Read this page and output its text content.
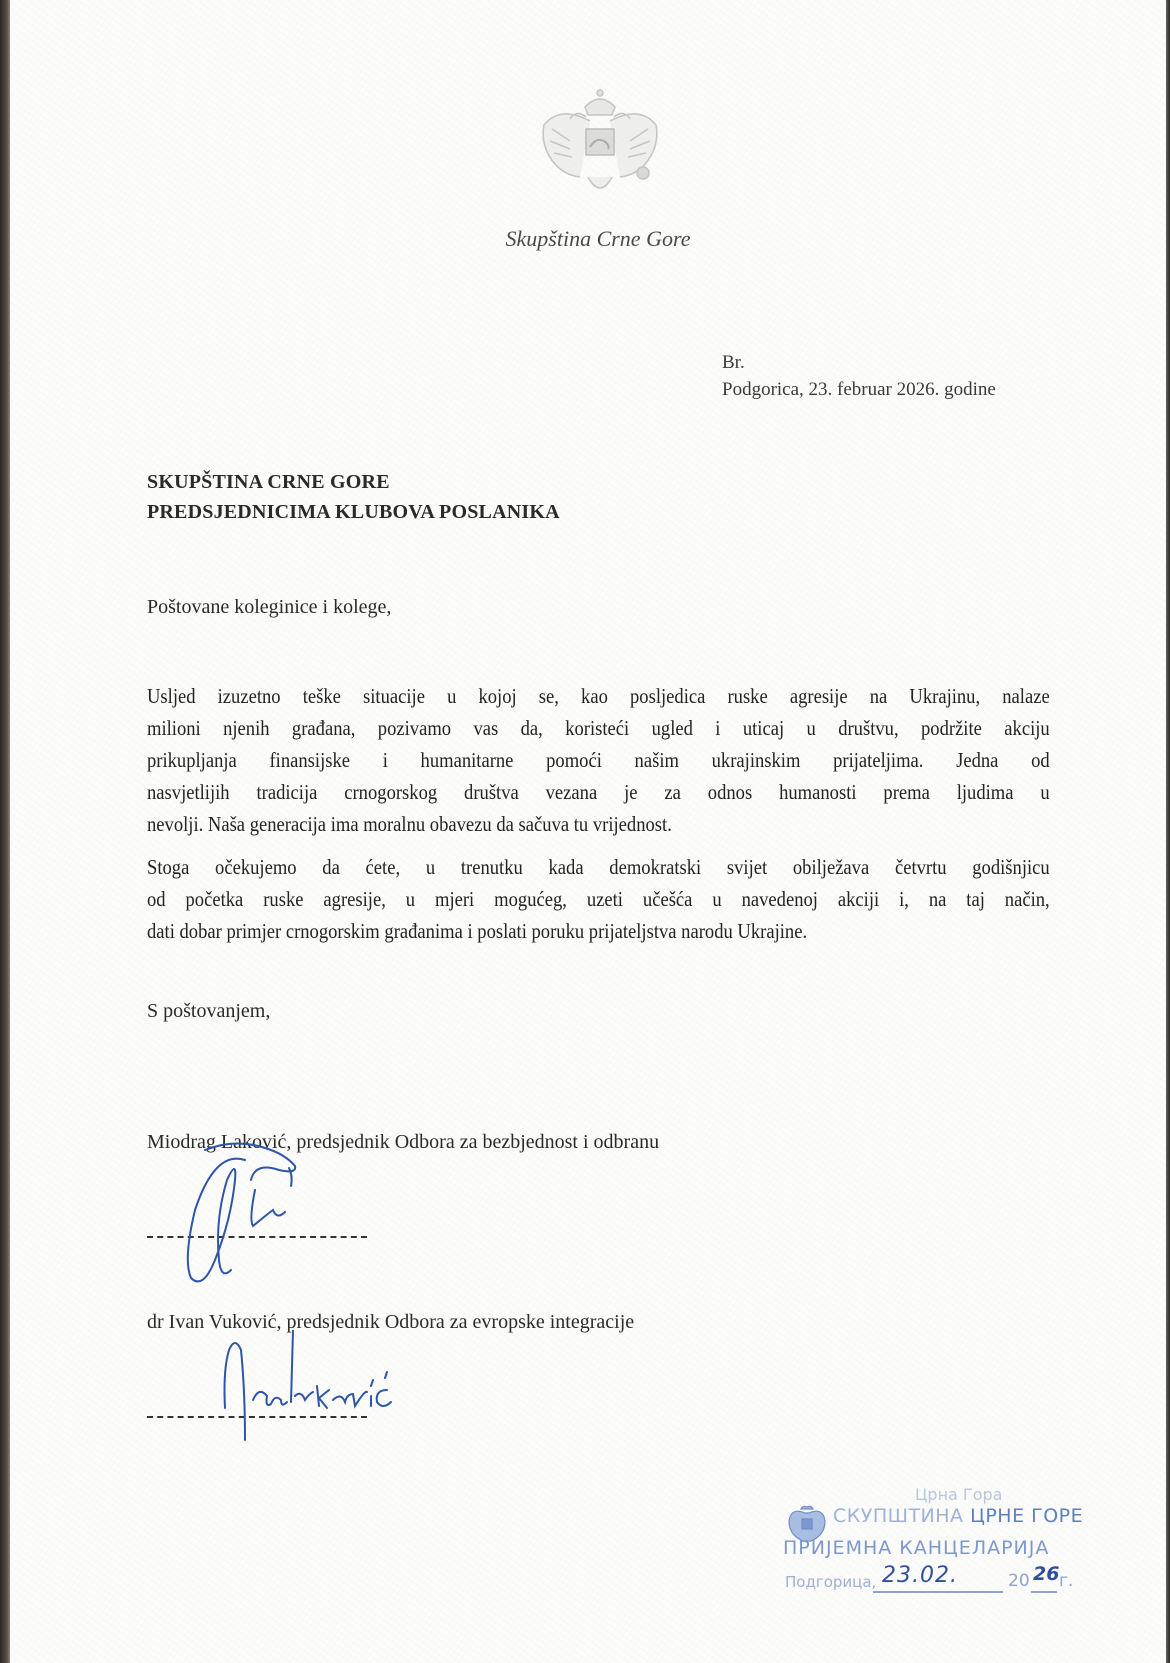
Skupština Crne Gore
Br.
Podgorica, 23. februar 2026. godine
SKUPŠTINA CRNE GORE
PREDSJEDNICIMA KLUBOVA POSLANIKA
Poštovane koleginice i kolege,
Usljed izuzetno teške situacije u kojoj se, kao posljedica ruske agresije na Ukrajinu, nalaze
milioni njenih građana, pozivamo vas da, koristeći ugled i uticaj u društvu, podržite akciju
prikupljanja finansijske i humanitarne pomoći našim ukrajinskim prijateljima. Jedna od
nasvjetlijih tradicija crnogorskog društva vezana je za odnos humanosti prema ljudima u
nevolji. Naša generacija ima moralnu obavezu da sačuva tu vrijednost.
Stoga očekujemo da ćete, u trenutku kada demokratski svijet obilježava četvrtu godišnjicu
od početka ruske agresije, u mjeri mogućeg, uzeti učešća u navedenoj akciji i, na taj način,
dati dobar primjer crnogorskim građanima i poslati poruku prijateljstva narodu Ukrajine.
S poštovanjem,
Miodrag Laković, predsjednik Odbora za bezbjednost i odbranu
dr Ivan Vuković, predsjednik Odbora za evropske integracije
Црна Гора
СКУПШТИНА ЦРНЕ ГОРЕ
ПРИЈЕМНА КАНЦЕЛАРИЈА
Подгорица, 23.02.	20 26 г.
